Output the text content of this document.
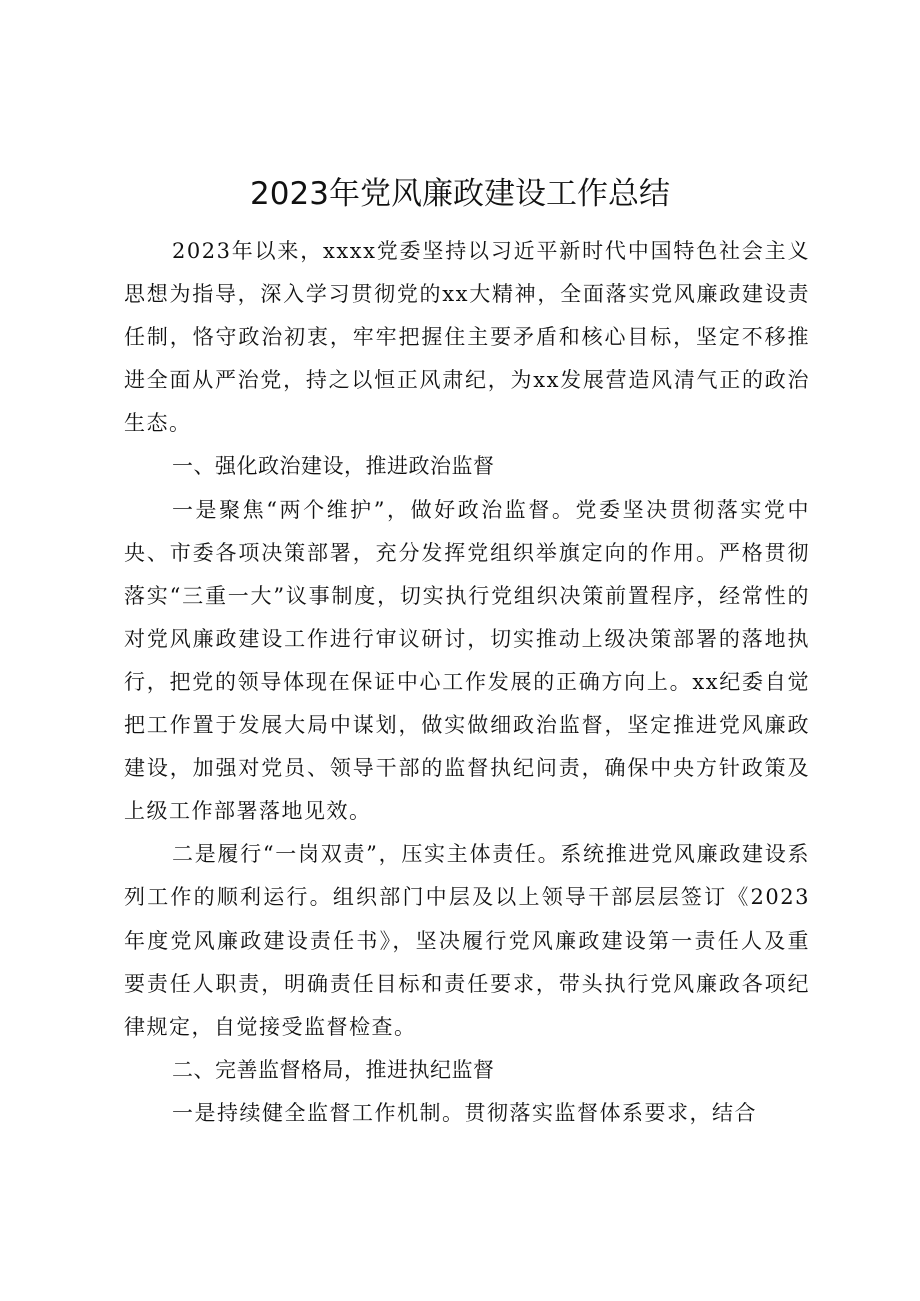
2023年党风廉政建设工作总结

2023年以来，xxxx党委坚持以习近平新时代中国特色社会主义思想为指导，深入学习贯彻党的xx大精神，全面落实党风廉政建设责任制，恪守政治初衷，牢牢把握住主要矛盾和核心目标，坚定不移推进全面从严治党，持之以恒正风肃纪，为xx发展营造风清气正的政治生态。

一、强化政治建设，推进政治监督

一是聚焦“两个维护”，做好政治监督。党委坚决贯彻落实党中央、市委各项决策部署，充分发挥党组织举旗定向的作用。严格贯彻落实“三重一大”议事制度，切实执行党组织决策前置程序，经常性的对党风廉政建设工作进行审议研讨，切实推动上级决策部署的落地执行，把党的领导体现在保证中心工作发展的正确方向上。xx纪委自觉把工作置于发展大局中谋划，做实做细政治监督，坚定推进党风廉政建设，加强对党员、领导干部的监督执纪问责，确保中央方针政策及上级工作部署落地见效。

二是履行“一岗双责”，压实主体责任。系统推进党风廉政建设系列工作的顺利运行。组织部门中层及以上领导干部层层签订《2023年度党风廉政建设责任书》，坚决履行党风廉政建设第一责任人及重要责任人职责，明确责任目标和责任要求，带头执行党风廉政各项纪律规定，自觉接受监督检查。

二、完善监督格局，推进执纪监督

一是持续健全监督工作机制。贯彻落实监督体系要求，结合
